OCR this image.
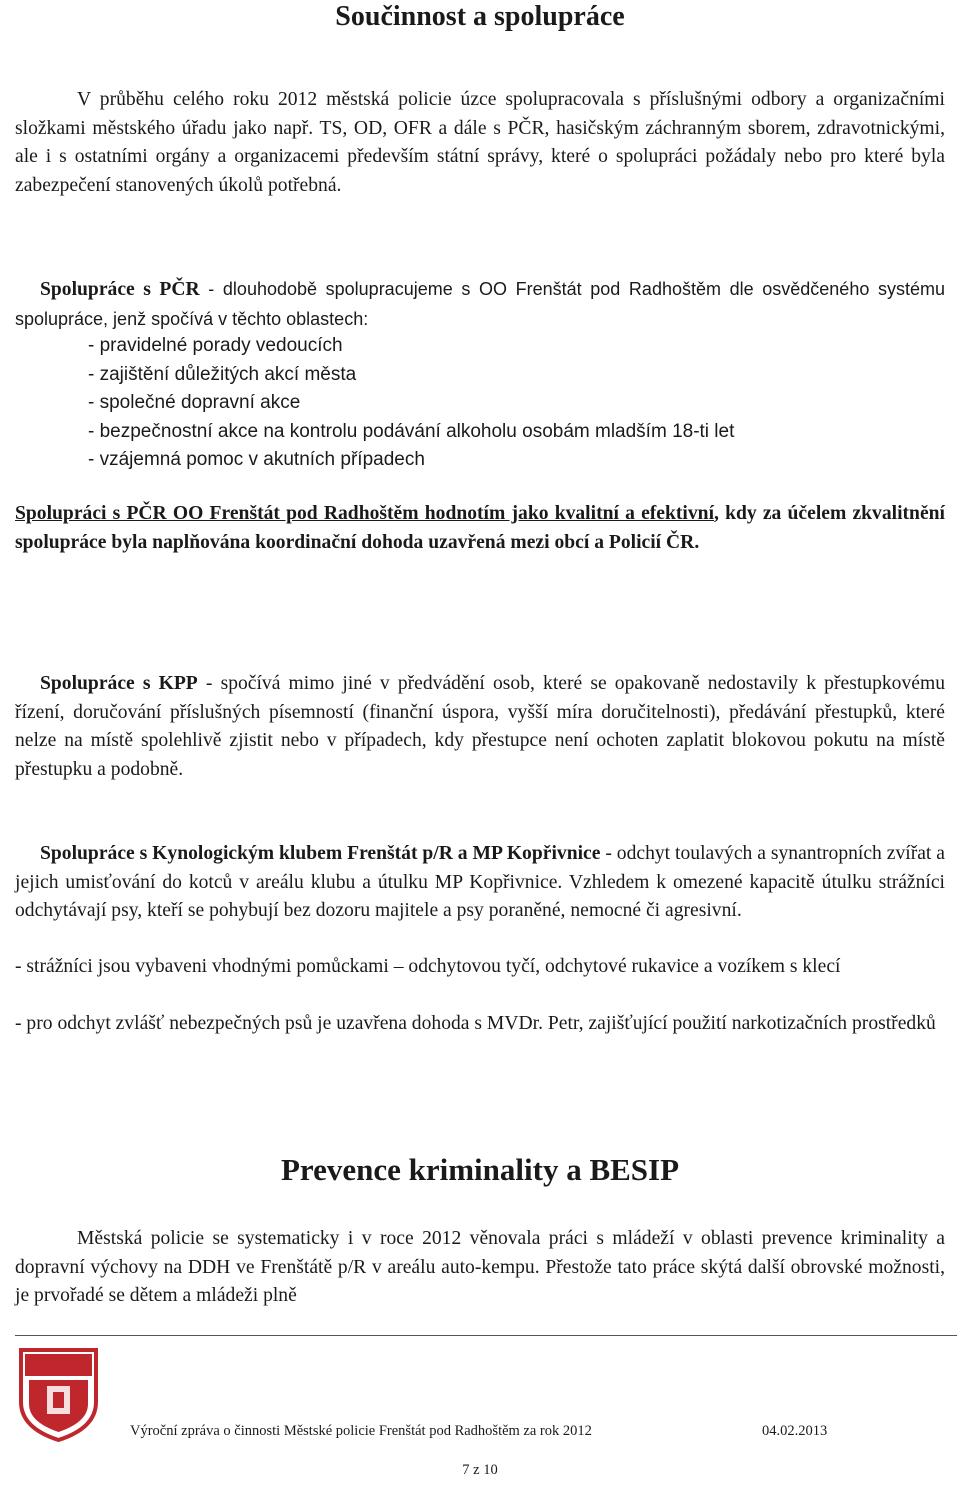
Součinnost a spolupráce

V průběhu celého roku 2012 městská policie úzce spolupracovala s příslušnými odbory a organizačními složkami městského úřadu jako např. TS, OD, OFR a dále s PČR, hasičským záchranným sborem, zdravotnickými, ale i s ostatními orgány a organizacemi především státní správy, které o spolupráci požádaly nebo pro které byla zabezpečení stanovených úkolů potřebná.

Spolupráce s PČR - dlouhodobě spolupracujeme s OO Frenštát pod Radhoštěm dle osvědčeného systému spolupráce, jenž spočívá v těchto oblastech:

- pravidelné porady vedoucích
- zajištění důležitých akcí města
- společné dopravní akce
- bezpečnostní akce na kontrolu podávání alkoholu osobám mladším 18-ti let
- vzájemná pomoc v akutních případech

Spolupráci s PČR OO Frenštát pod Radhoštěm hodnotím jako kvalitní a efektivní, kdy za účelem zkvalitnění spolupráce byla naplňována koordinační dohoda uzavřená mezi obcí a Policií ČR.

Spolupráce s KPP - spočívá mimo jiné v předvádění osob, které se opakovaně nedostavily k přestupkovému řízení, doručování příslušných písemností (finanční úspora, vyšší míra doručitelnosti), předávání přestupků, které nelze na místě spolehlivě zjistit nebo v případech, kdy přestupce není ochoten zaplatit blokovou pokutu na místě přestupku a podobně.

Spolupráce s Kynologickým klubem Frenštát p/R a MP Kopřivnice - odchyt toulavých a synantropních zvířat a jejich umisťování do kotců v areálu klubu a útulku MP Kopřivnice. Vzhledem k omezené kapacitě útulku strážníci odchytávají psy, kteří se pohybují bez dozoru majitele a psy poraněné, nemocné či agresivní.

- strážníci jsou vybaveni vhodnými pomůckami – odchytovou tyčí, odchytové rukavice a vozíkem s klecí

- pro odchyt zvlášť nebezpečných psů je uzavřena dohoda s MVDr. Petr, zajišťující použití narkotizačních prostředků

Prevence kriminality a BESIP

Městská policie se systematicky i v roce 2012 věnovala práci s mládeží v oblasti prevence kriminality a dopravní výchovy na DDH ve Frenštátě p/R v areálu auto-kempu. Přestože tato práce skýtá další obrovské možnosti, je prvořadé se dětem a mládeži plně

Výroční zpráva o činnosti Městské policie Frenštát pod Radhoštěm za rok 2012	04.02.2013
7 z 10
